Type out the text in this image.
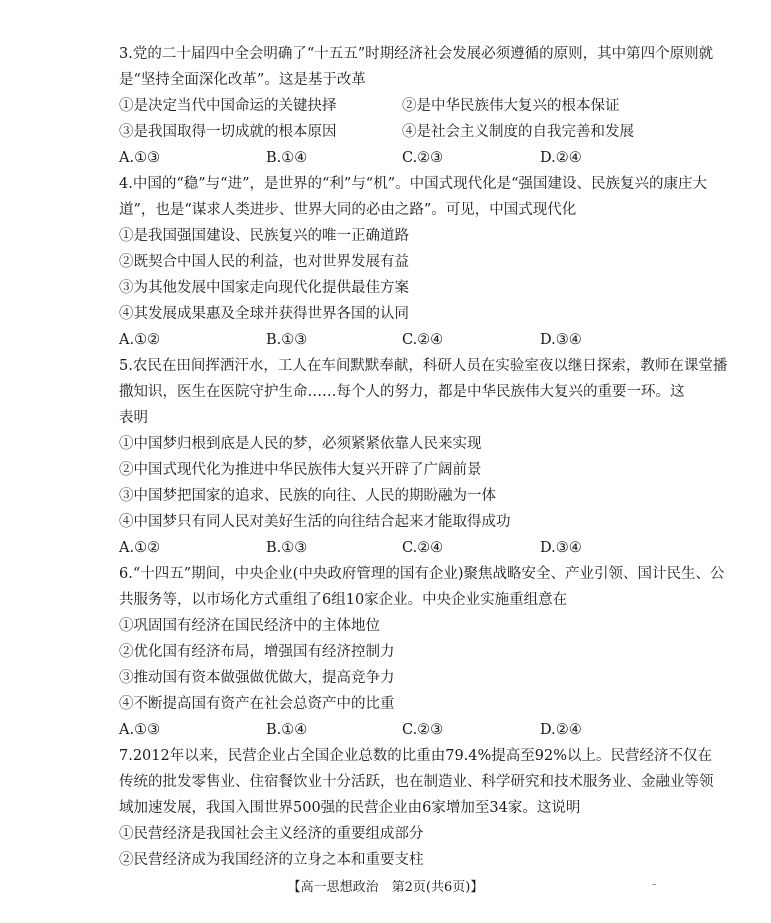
3.党的二十届四中全会明确了“十五五”时期经济社会发展必须遵循的原则，其中第四个原则就
是“坚持全面深化改革”。这是基于改革
①是决定当代中国命运的关键抉择	②是中华民族伟大复兴的根本保证
③是我国取得一切成就的根本原因	④是社会主义制度的自我完善和发展
A.①③	B.①④	C.②③	D.②④
4.中国的“稳”与“进”，是世界的“利”与“机”。中国式现代化是“强国建设、民族复兴的康庄大
道”，也是“谋求人类进步、世界大同的必由之路”。可见，中国式现代化
①是我国强国建设、民族复兴的唯一正确道路
②既契合中国人民的利益，也对世界发展有益
③为其他发展中国家走向现代化提供最佳方案
④其发展成果惠及全球并获得世界各国的认同
A.①②	B.①③	C.②④	D.③④
5.农民在田间挥洒汗水，工人在车间默默奉献，科研人员在实验室夜以继日探索，教师在课堂播
撒知识，医生在医院守护生命……每个人的努力，都是中华民族伟大复兴的重要一环。这
表明
①中国梦归根到底是人民的梦，必须紧紧依靠人民来实现
②中国式现代化为推进中华民族伟大复兴开辟了广阔前景
③中国梦把国家的追求、民族的向往、人民的期盼融为一体
④中国梦只有同人民对美好生活的向往结合起来才能取得成功
A.①②	B.①③	C.②④	D.③④
6.“十四五”期间，中央企业(中央政府管理的国有企业)聚焦战略安全、产业引领、国计民生、公
共服务等，以市场化方式重组了6组10家企业。中央企业实施重组意在
①巩固国有经济在国民经济中的主体地位
②优化国有经济布局，增强国有经济控制力
③推动国有资本做强做优做大，提高竞争力
④不断提高国有资产在社会总资产中的比重
A.①③	B.①④	C.②③	D.②④
7.2012年以来，民营企业占全国企业总数的比重由79.4%提高至92%以上。民营经济不仅在
传统的批发零售业、住宿餐饮业十分活跃，也在制造业、科学研究和技术服务业、金融业等领
域加速发展，我国入围世界500强的民营企业由6家增加至34家。这说明
①民营经济是我国社会主义经济的重要组成部分
②民营经济成为我国经济的立身之本和重要支柱
【高一思想政治　第2页(共6页)】	–
